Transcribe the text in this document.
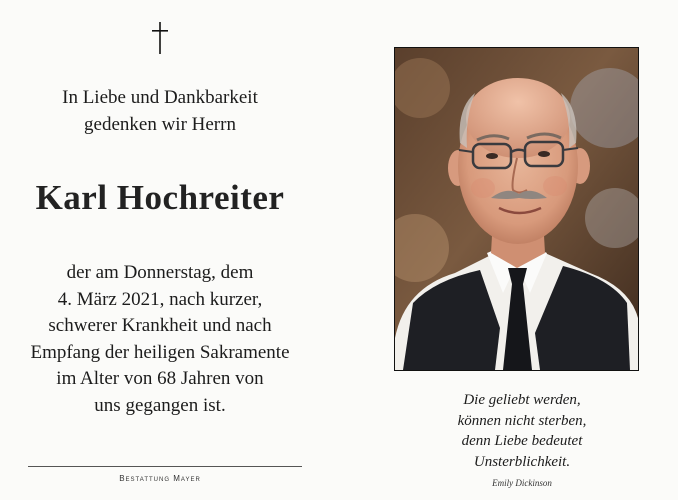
In Liebe und Dankbarkeit
gedenken wir Herrn
Karl Hochreiter
der am Donnerstag, dem
4. März 2021, nach kurzer,
schwerer Krankheit und nach
Empfang der heiligen Sakramente
im Alter von 68 Jahren von
uns gegangen ist.
Bestattung Mayer
Die geliebt werden,
können nicht sterben,
denn Liebe bedeutet
Unsterblichkeit.
Emily Dickinson
